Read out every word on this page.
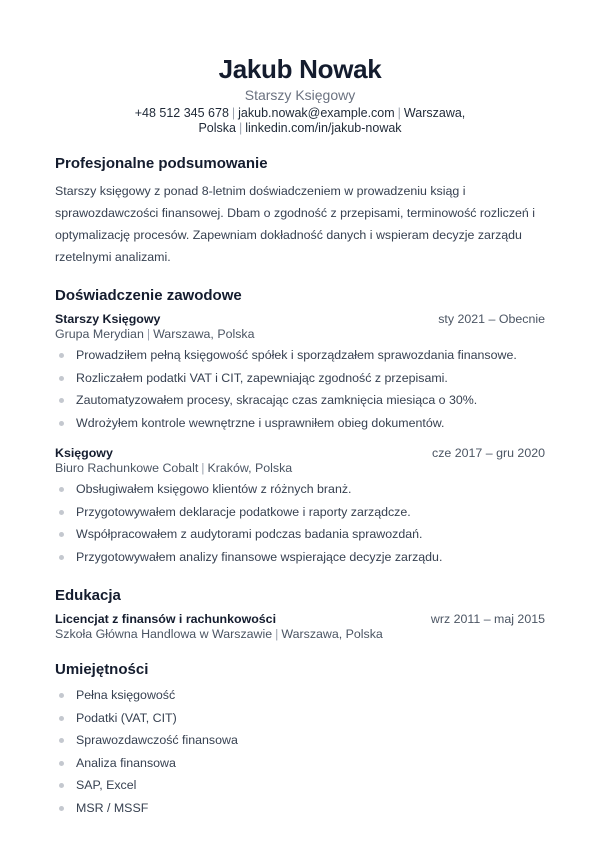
Jakub Nowak
Starszy Księgowy
+48 512 345 678 | jakub.nowak@example.com | Warszawa, Polska | linkedin.com/in/jakub-nowak
Profesjonalne podsumowanie

Starszy księgowy z ponad 8-letnim doświadczeniem w prowadzeniu ksiąg i sprawozdawczości finansowej. Dbam o zgodność z przepisami, terminowość rozliczeń i optymalizację procesów. Zapewniam dokładność danych i wspieram decyzje zarządu rzetelnymi analizami.

Doświadczenie zawodowe
Starszy Księgowy	sty 2021 – Obecnie
Grupa Merydian | Warszawa, Polska
Prowadziłem pełną księgowość spółek i sporządzałem sprawozdania finansowe.
Rozliczałem podatki VAT i CIT, zapewniając zgodność z przepisami.
Zautomatyzowałem procesy, skracając czas zamknięcia miesiąca o 30%.
Wdrożyłem kontrole wewnętrzne i usprawniłem obieg dokumentów.
Księgowy	cze 2017 – gru 2020
Biuro Rachunkowe Cobalt | Kraków, Polska
Obsługiwałem księgowo klientów z różnych branż.
Przygotowywałem deklaracje podatkowe i raporty zarządcze.
Współpracowałem z audytorami podczas badania sprawozdań.
Przygotowywałem analizy finansowe wspierające decyzje zarządu.
Edukacja
Licencjat z finansów i rachunkowości	wrz 2011 – maj 2015
Szkoła Główna Handlowa w Warszawie | Warszawa, Polska
Umiejętności
Pełna księgowość
Podatki (VAT, CIT)
Sprawozdawczość finansowa
Analiza finansowa
SAP, Excel
MSR / MSSF
